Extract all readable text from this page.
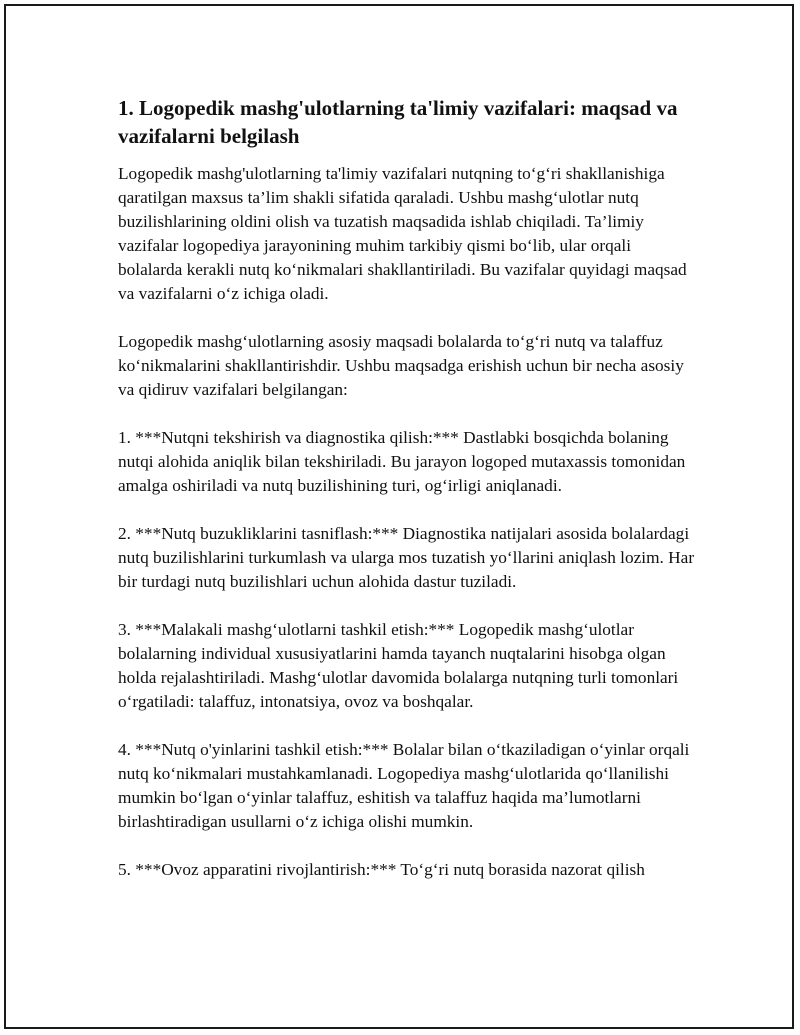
1. Logopedik mashg'ulotlarning ta'limiy vazifalari: maqsad va vazifalarni belgilash

Logopedik mashg'ulotlarning ta'limiy vazifalari nutqning to‘g‘ri shakllanishiga qaratilgan maxsus ta’lim shakli sifatida qaraladi. Ushbu mashg‘ulotlar nutq buzilishlarining oldini olish va tuzatish maqsadida ishlab chiqiladi. Ta’limiy vazifalar logopediya jarayonining muhim tarkibiy qismi bo‘lib, ular orqali bolalarda kerakli nutq ko‘nikmalari shakllantiriladi. Bu vazifalar quyidagi maqsad va vazifalarni o‘z ichiga oladi.

Logopedik mashg‘ulotlarning asosiy maqsadi bolalarda to‘g‘ri nutq va talaffuz ko‘nikmalarini shakllantirishdir. Ushbu maqsadga erishish uchun bir necha asosiy va qidiruv vazifalari belgilangan:

1. ***Nutqni tekshirish va diagnostika qilish:*** Dastlabki bosqichda bolaning nutqi alohida aniqlik bilan tekshiriladi. Bu jarayon logoped mutaxassis tomonidan amalga oshiriladi va nutq buzilishining turi, og‘irligi aniqlanadi.

2. ***Nutq buzukliklarini tasniflash:*** Diagnostika natijalari asosida bolalardagi nutq buzilishlarini turkumlash va ularga mos tuzatish yo‘llarini aniqlash lozim. Har bir turdagi nutq buzilishlari uchun alohida dastur tuziladi.

3. ***Malakali mashg‘ulotlarni tashkil etish:*** Logopedik mashg‘ulotlar bolalarning individual xususiyatlarini hamda tayanch nuqtalarini hisobga olgan holda rejalashtiriladi. Mashg‘ulotlar davomida bolalarga nutqning turli tomonlari o‘rgatiladi: talaffuz, intonatsiya, ovoz va boshqalar.

4. ***Nutq o'yinlarini tashkil etish:*** Bolalar bilan o‘tkaziladigan o‘yinlar orqali nutq ko‘nikmalari mustahkamlanadi. Logopediya mashg‘ulotlarida qo‘llanilishi mumkin bo‘lgan o‘yinlar talaffuz, eshitish va talaffuz haqida ma’lumotlarni birlashtiradigan usullarni o‘z ichiga olishi mumkin.

5. ***Ovoz apparatini rivojlantirish:*** To‘g‘ri nutq borasida nazorat qilish
